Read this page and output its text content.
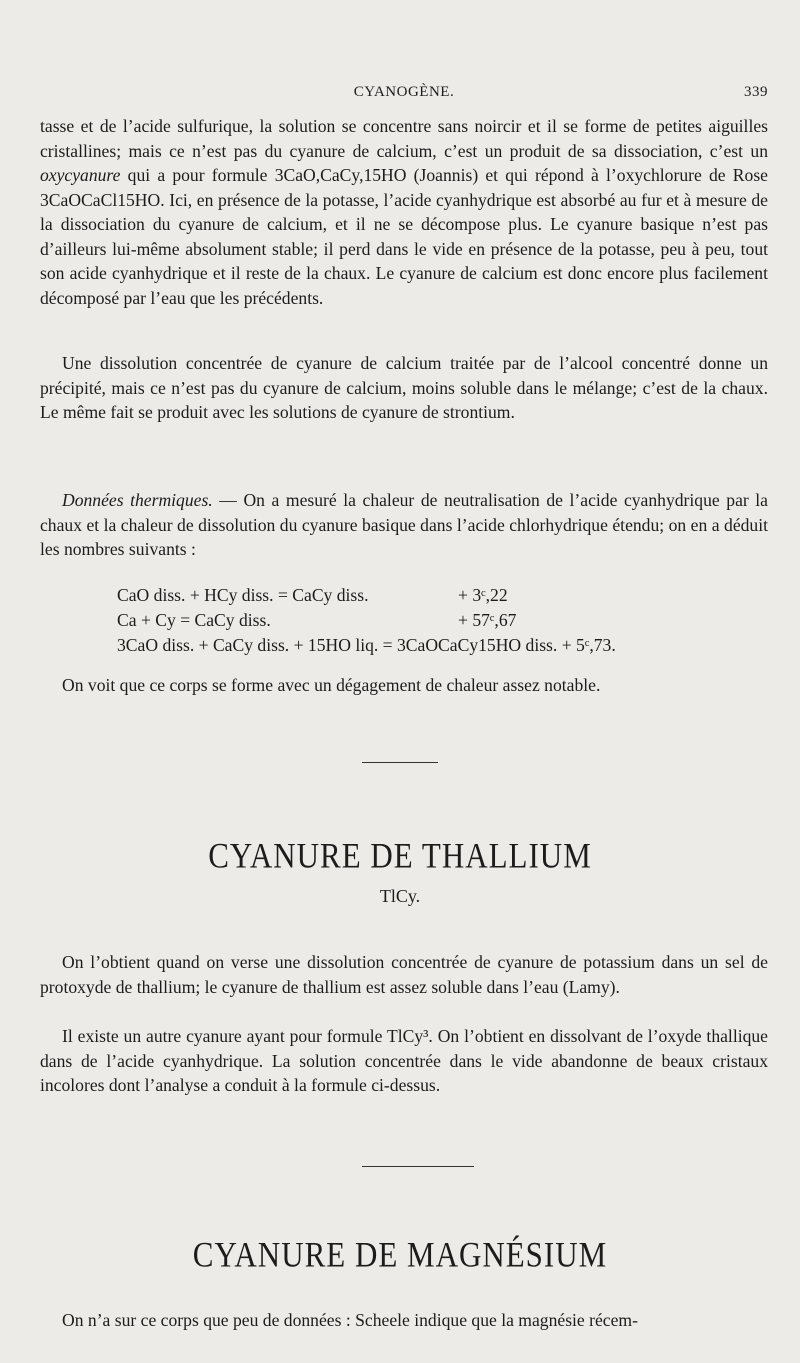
CYANOGÈNE.	339

tasse et de l’acide sulfurique, la solution se concentre sans noircir et il se forme de petites aiguilles cristallines; mais ce n’est pas du cyanure de calcium, c’est un produit de sa dissociation, c’est un oxycyanure qui a pour formule 3CaO,CaCy,15HO (Joannis) et qui répond à l’oxychlorure de Rose 3CaOCaCl15HO. Ici, en présence de la potasse, l’acide cyanhydrique est absorbé au fur et à mesure de la dissociation du cyanure de calcium, et il ne se décompose plus. Le cyanure basique n’est pas d’ailleurs lui-même absolument stable; il perd dans le vide en présence de la potasse, peu à peu, tout son acide cyanhydrique et il reste de la chaux. Le cyanure de calcium est donc encore plus facilement décomposé par l’eau que les précédents.

Une dissolution concentrée de cyanure de calcium traitée par de l’alcool concentré donne un précipité, mais ce n’est pas du cyanure de calcium, moins soluble dans le mélange; c’est de la chaux. Le même fait se produit avec les solutions de cyanure de strontium.

Données thermiques. — On a mesuré la chaleur de neutralisation de l’acide cyanhydrique par la chaux et la chaleur de dissolution du cyanure basique dans l’acide chlorhydrique étendu; on en a déduit les nombres suivants :

CaO diss. + HCy diss. = CaCy diss.	+ 3ᶜ,22
Ca + Cy = CaCy diss.	+ 57ᶜ,67
3CaO diss. + CaCy diss. + 15HO liq. = 3CaOCaCy15HO diss. + 5ᶜ,73.

On voit que ce corps se forme avec un dégagement de chaleur assez notable.

CYANURE DE THALLIUM
TlCy.

On l’obtient quand on verse une dissolution concentrée de cyanure de potassium dans un sel de protoxyde de thallium; le cyanure de thallium est assez soluble dans l’eau (Lamy).

Il existe un autre cyanure ayant pour formule TlCy³. On l’obtient en dissolvant de l’oxyde thallique dans de l’acide cyanhydrique. La solution concentrée dans le vide abandonne de beaux cristaux incolores dont l’analyse a conduit à la formule ci-dessus.

CYANURE DE MAGNÉSIUM

On n’a sur ce corps que peu de données : Scheele indique que la magnésie récem-
